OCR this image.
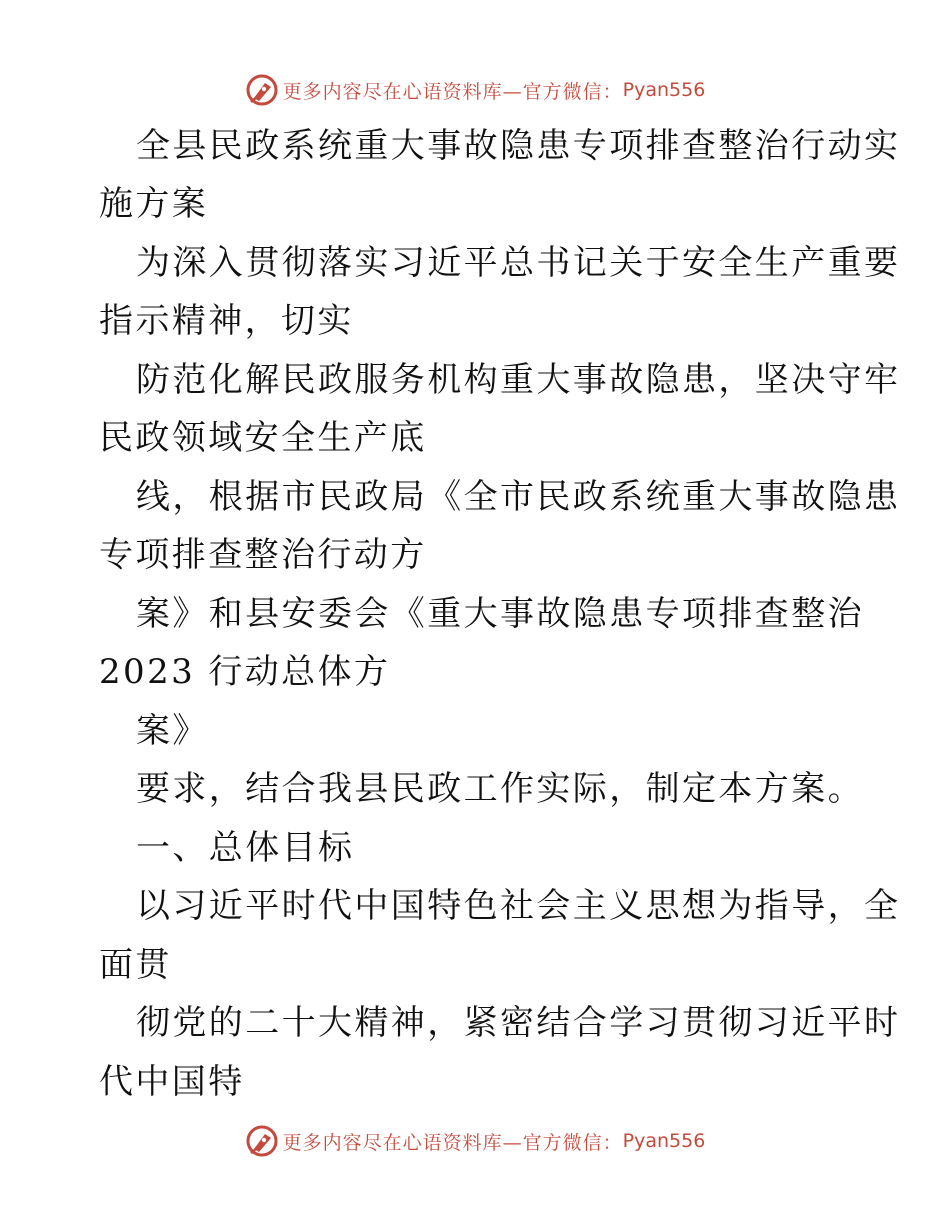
更多内容尽在心语资料库—官方微信： Pyan556
全县民政系统重大事故隐患专项排查整治行动实
施方案
为深入贯彻落实习近平总书记关于安全生产重要
指示精神，切实
防范化解民政服务机构重大事故隐患，坚决守牢
民政领域安全生产底
线，根据市民政局《全市民政系统重大事故隐患
专项排查整治行动方
案》和县安委会《重大事故隐患专项排查整治
2023 行动总体方
案》
要求，结合我县民政工作实际，制定本方案。
一、总体目标
以习近平时代中国特色社会主义思想为指导，全
面贯
彻党的二十大精神，紧密结合学习贯彻习近平时
代中国特
更多内容尽在心语资料库—官方微信： Pyan556
